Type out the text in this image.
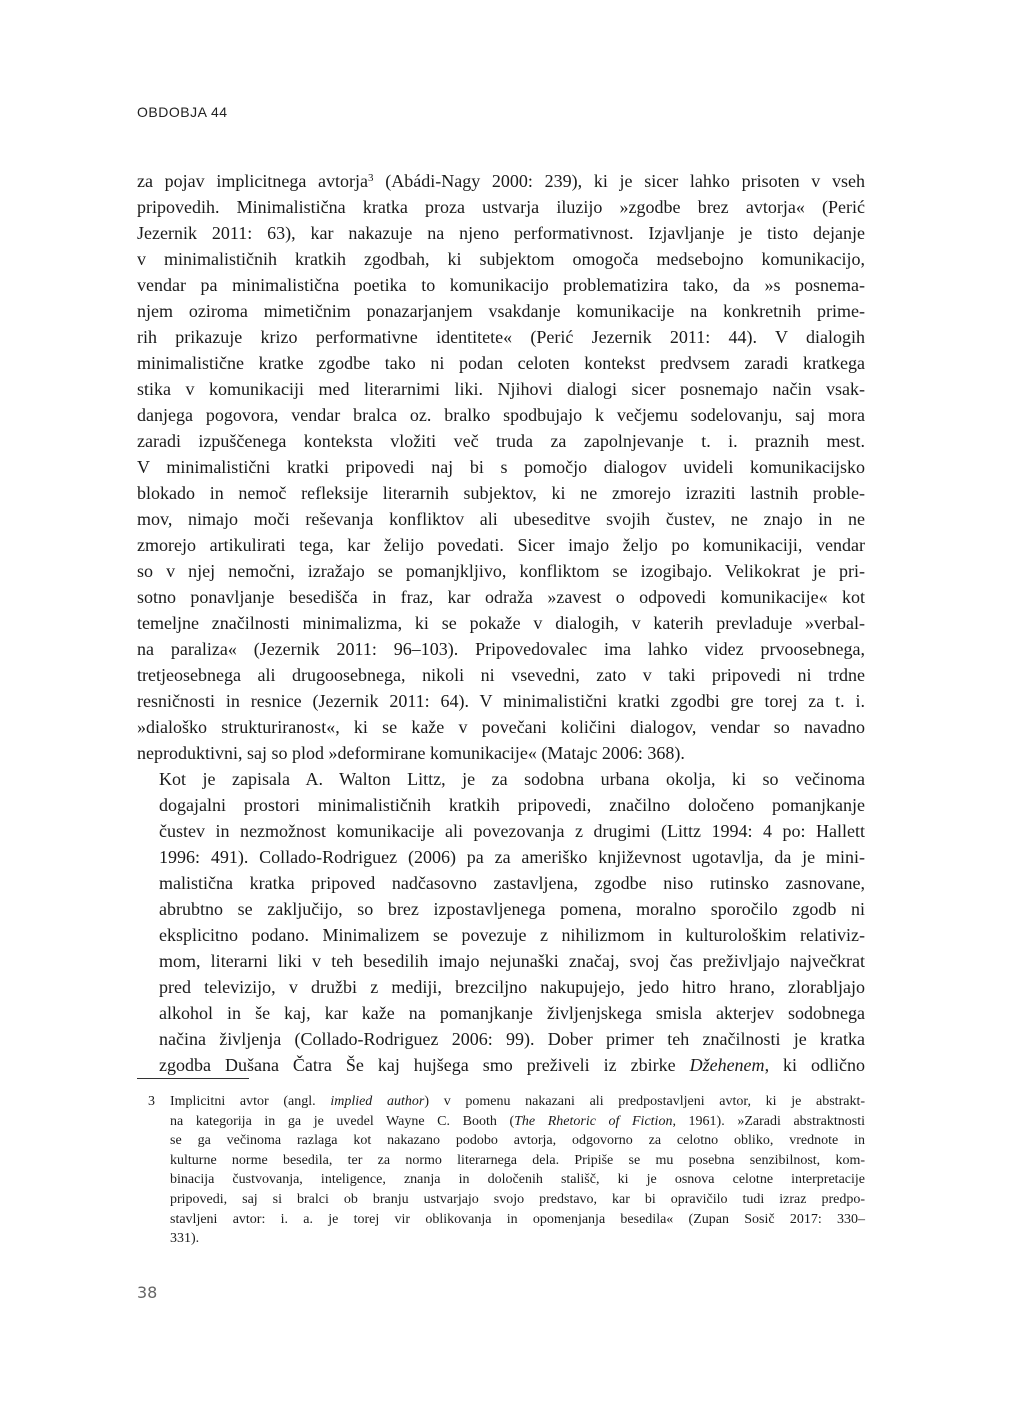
OBDOBJA 44

za pojav implicitnega avtorja$^3$ (Abádi-Nagy 2000: 239), ki je sicer lahko prisoten v vseh
pripovedih. Minimalistična kratka proza ustvarja iluzijo »zgodbe brez avtorja« (Perić
Jezernik 2011: 63), kar nakazuje na njeno performativnost. Izjavljanje je tisto dejanje
v minimalističnih kratkih zgodbah, ki subjektom omogoča medsebojno komunikacijo,
vendar pa minimalistična poetika to komunikacijo problematizira tako, da »s posnema-
njem oziroma mimetičnim ponazarjanjem vsakdanje komunikacije na konkretnih prime-
rih prikazuje krizo performativne identitete« (Perić Jezernik 2011: 44). V dialogih
minimalistične kratke zgodbe tako ni podan celoten kontekst predvsem zaradi kratkega
stika v komunikaciji med literarnimi liki. Njihovi dialogi sicer posnemajo način vsak-
danjega pogovora, vendar bralca oz. bralko spodbujajo k večjemu sodelovanju, saj mora
zaradi izpuščenega konteksta vložiti več truda za zapolnjevanje t. i. praznih mest.
V minimalistični kratki pripovedi naj bi s pomočjo dialogov uvideli komunikacijsko
blokado in nemoč refleksije literarnih subjektov, ki ne zmorejo izraziti lastnih proble-
mov, nimajo moči reševanja konfliktov ali ubeseditve svojih čustev, ne znajo in ne
zmorejo artikulirati tega, kar želijo povedati. Sicer imajo željo po komunikaciji, vendar
so v njej nemočni, izražajo se pomanjkljivo, konfliktom se izogibajo. Velikokrat je pri-
sotno ponavljanje besedišča in fraz, kar odraža »zavest o odpovedi komunikacije« kot
temeljne značilnosti minimalizma, ki se pokaže v dialogih, v katerih prevladuje »verbal-
na paraliza« (Jezernik 2011: 96–103). Pripovedovalec ima lahko videz prvoosebnega,
tretjeosebnega ali drugoosebnega, nikoli ni vsevedni, zato v taki pripovedi ni trdne
resničnosti in resnice (Jezernik 2011: 64). V minimalistični kratki zgodbi gre torej za t. i.
»dialoško strukturiranost«, ki se kaže v povečani količini dialogov, vendar so navadno
neproduktivni, saj so plod »deformirane komunikacije« (Matajc 2006: 368).

Kot je zapisala A. Walton Littz, je za sodobna urbana okolja, ki so večinoma
dogajalni prostori minimalističnih kratkih pripovedi, značilno določeno pomanjkanje
čustev in nezmožnost komunikacije ali povezovanja z drugimi (Littz 1994: 4 po: Hallett
1996: 491). Collado-Rodriguez (2006) pa za ameriško književnost ugotavlja, da je mini-
malistična kratka pripoved nadčasovno zastavljena, zgodbe niso rutinsko zasnovane,
abrubtno se zaključijo, so brez izpostavljenega pomena, moralno sporočilo zgodb ni
eksplicitno podano. Minimalizem se povezuje z nihilizmom in kulturološkim relativiz-
mom, literarni liki v teh besedilih imajo nejunaški značaj, svoj čas preživljajo največkrat
pred televizijo, v družbi z mediji, brezciljno nakupujejo, jedo hitro hrano, zlorabljajo
alkohol in še kaj, kar kaže na pomanjkanje življenjskega smisla akterjev sodobnega
načina življenja (Collado-Rodriguez 2006: 99). Dober primer teh značilnosti je kratka
zgodba Dušana Čatra Še kaj hujšega smo preživeli iz zbirke Džehenem, ki odlično

3 Implicitni avtor (angl. implied author) v pomenu nakazani ali predpostavljeni avtor, ki je abstrakt-
na kategorija in ga je uvedel Wayne C. Booth (The Rhetoric of Fiction, 1961). »Zaradi abstraktnosti
se ga večinoma razlaga kot nakazano podobo avtorja, odgovorno za celotno obliko, vrednote in
kulturne norme besedila, ter za normo literarnega dela. Pripiše se mu posebna senzibilnost, kom-
binacija čustvovanja, inteligence, znanja in določenih stališč, ki je osnova celotne interpretacije
pripovedi, saj si bralci ob branju ustvarjajo svojo predstavo, kar bi opravičilo tudi izraz predpo-
stavljeni avtor: i. a. je torej vir oblikovanja in opomenjanja besedila« (Zupan Sosič 2017: 330–
331).
38
